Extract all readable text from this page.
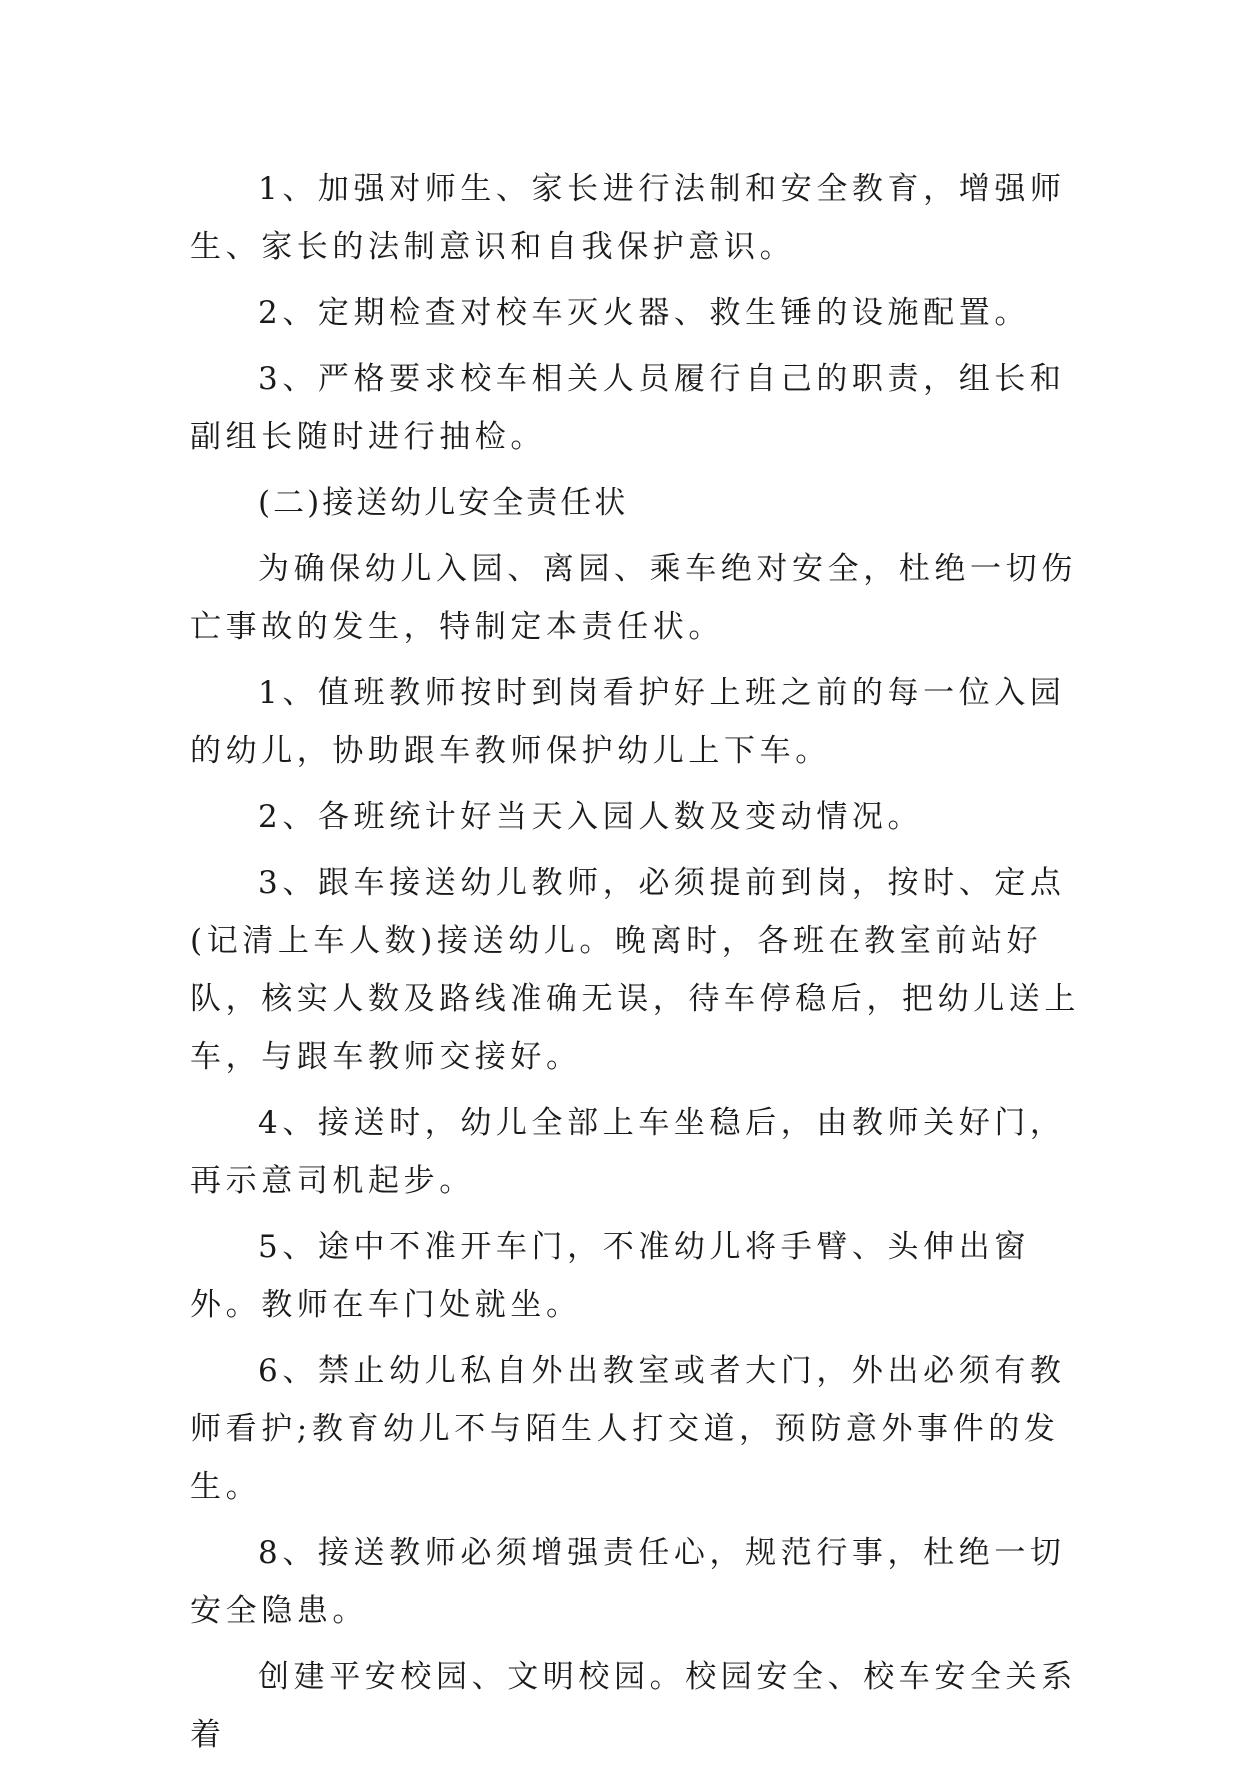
1、加强对师生、家长进行法制和安全教育，增强师生、家长的法制意识和自我保护意识。

2、定期检查对校车灭火器、救生锤的设施配置。

3、严格要求校车相关人员履行自己的职责，组长和副组长随时进行抽检。

(二)接送幼儿安全责任状

为确保幼儿入园、离园、乘车绝对安全，杜绝一切伤亡事故的发生，特制定本责任状。

1、值班教师按时到岗看护好上班之前的每一位入园的幼儿，协助跟车教师保护幼儿上下车。

2、各班统计好当天入园人数及变动情况。

3、跟车接送幼儿教师，必须提前到岗，按时、定点(记清上车人数)接送幼儿。晚离时，各班在教室前站好队，核实人数及路线准确无误，待车停稳后，把幼儿送上车，与跟车教师交接好。

4、接送时，幼儿全部上车坐稳后，由教师关好门，再示意司机起步。

5、途中不准开车门，不准幼儿将手臂、头伸出窗外。教师在车门处就坐。

6、禁止幼儿私自外出教室或者大门，外出必须有教师看护;教育幼儿不与陌生人打交道，预防意外事件的发生。

8、接送教师必须增强责任心，规范行事，杜绝一切安全隐患。

创建平安校园、文明校园。校园安全、校车安全关系着
